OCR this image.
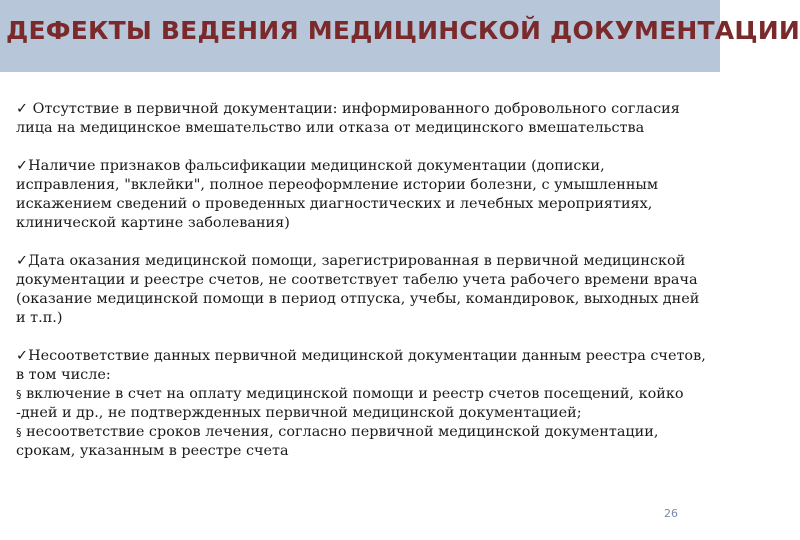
ДЕФЕКТЫ ВЕДЕНИЯ МЕДИЦИНСКОЙ ДОКУМЕНТАЦИИ

✓ Отсутствие в первичной документации: информированного добровольного согласия лица на медицинское вмешательство или отказа от медицинского вмешательства

✓Наличие признаков фальсификации медицинской документации (дописки, исправления, "вклейки", полное переоформление истории болезни, с умышленным искажением сведений о проведенных диагностических и лечебных мероприятиях, клинической картине заболевания)

✓Дата оказания медицинской помощи, зарегистрированная в первичной медицинской документации и реестре счетов, не соответствует табелю учета рабочего времени врача (оказание медицинской помощи в период отпуска, учебы, командировок, выходных дней и т.п.)

✓Несоответствие данных первичной медицинской документации данным реестра счетов, в том числе:
§ включение в счет на оплату медицинской помощи и реестр счетов посещений, койко -дней и др., не подтвержденных первичной медицинской документацией;
§ несоответствие сроков лечения, согласно первичной медицинской документации, срокам, указанным в реестре счета

26
